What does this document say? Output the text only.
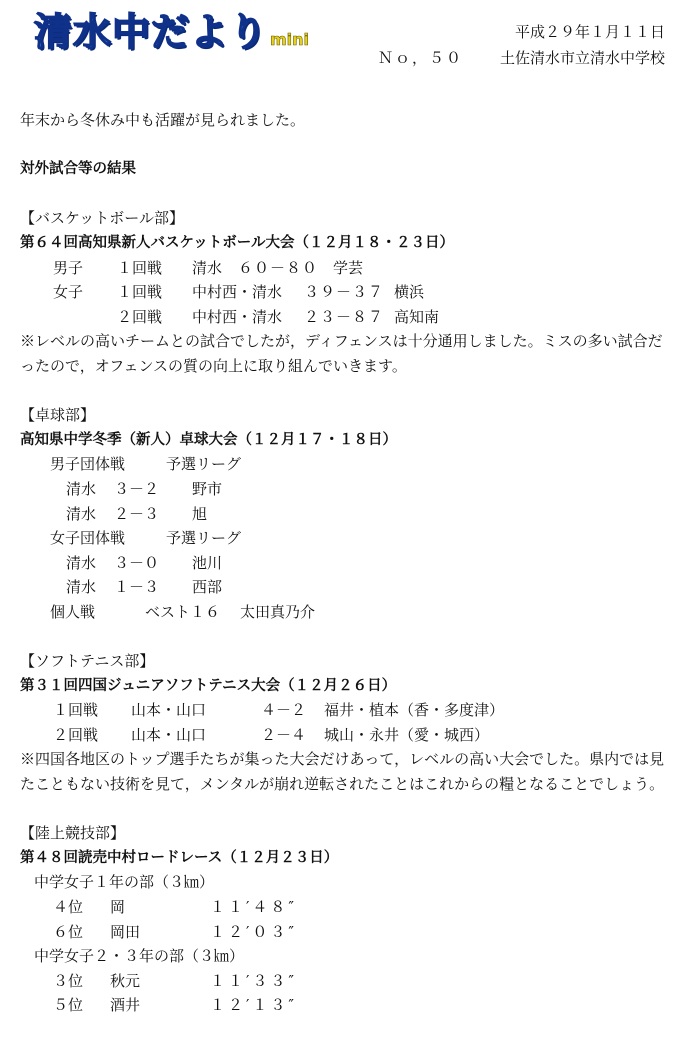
清水中だより mini	平成２９年１月１１日
Ｎｏ，５０ 土佐清水市立清水中学校
年末から冬休み中も活躍が見られました。
対外試合等の結果
【バスケットボール部】
第６４回高知県新人バスケットボール大会（１２月１８・２３日）
男子 １回戦 清水 ６０－８０ 学芸
女子 １回戦 中村西・清水 ３９－３７ 横浜
２回戦 中村西・清水 ２３－８７ 高知南
※レベルの高いチームとの試合でしたが，ディフェンスは十分通用しました。ミスの多い試合だったので，オフェンスの質の向上に取り組んでいきます。
【卓球部】
高知県中学冬季（新人）卓球大会（１２月１７・１８日）
男子団体戦	予選リーグ
清水 ３－２ 野市
清水 ２－３ 旭
女子団体戦	予選リーグ
清水 ３－０ 池川
清水 １－３ 西部
個人戦	ベスト１６ 太田真乃介
【ソフトテニス部】
第３１回四国ジュニアソフトテニス大会（１２月２６日）
１回戦 山本・山口	４－２ 福井・植本（香・多度津）
２回戦 山本・山口	２－４ 城山・永井（愛・城西）
※四国各地区のトップ選手たちが集った大会だけあって，レベルの高い大会でした。県内では見たこともない技術を見て，メンタルが崩れ逆転されたことはこれからの糧となることでしょう。
【陸上競技部】
第４８回読売中村ロードレース（１２月２３日）
中学女子１年の部（３㎞）
４位 岡	１１′４８″
６位 岡田	１２′０３″
中学女子２・３年の部（３㎞）
３位 秋元	１１′３３″
５位 酒井	１２′１３″
